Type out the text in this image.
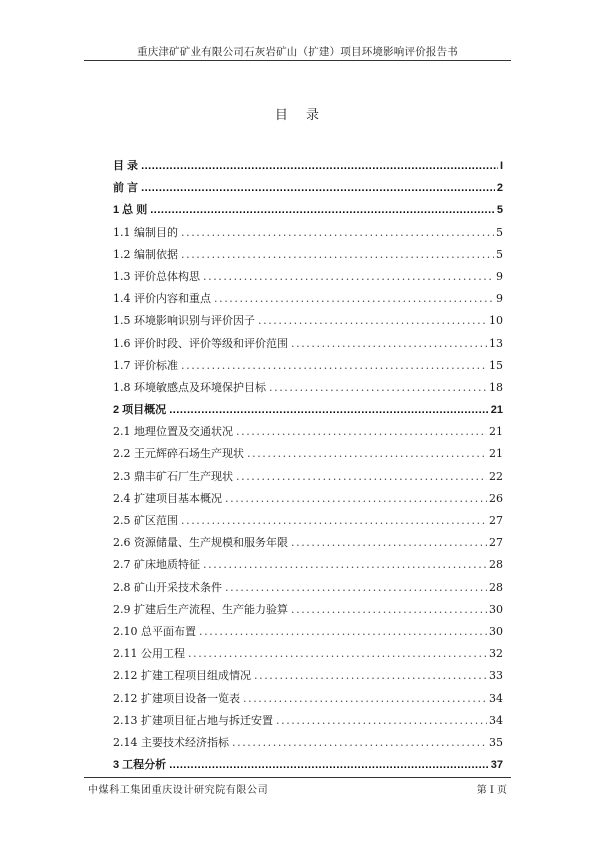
重庆津矿矿业有限公司石灰岩矿山（扩建）项目环境影响评价报告书
目 录
目 录 .....	I
前 言 .....	2
1 总 则 .....	5
1.1 编制目的 .....	5
1.2 编制依据 .....	5
1.3 评价总体构思 .....	9
1.4 评价内容和重点 .....	9
1.5 环境影响识别与评价因子 .....	10
1.6 评价时段、评价等级和评价范围 .....	13
1.7 评价标准 .....	15
1.8 环境敏感点及环境保护目标 .....	18
2 项目概况 .....	21
2.1 地理位置及交通状况 .....	21
2.2 王元辉碎石场生产现状 .....	21
2.3 鼎丰矿石厂生产现状 .....	22
2.4 扩建项目基本概况 .....	26
2.5 矿区范围 .....	27
2.6 资源储量、生产规模和服务年限 .....	27
2.7 矿床地质特征 .....	28
2.8 矿山开采技术条件 .....	28
2.9 扩建后生产流程、生产能力验算 .....	30
2.10 总平面布置 .....	30
2.11 公用工程 .....	32
2.12 扩建工程项目组成情况 .....	33
2.12 扩建项目设备一览表 .....	34
2.13 扩建项目征占地与拆迁安置 .....	34
2.14 主要技术经济指标 .....	35
3 工程分析 .....	37
中煤科工集团重庆设计研究院有限公司	第 I 页
